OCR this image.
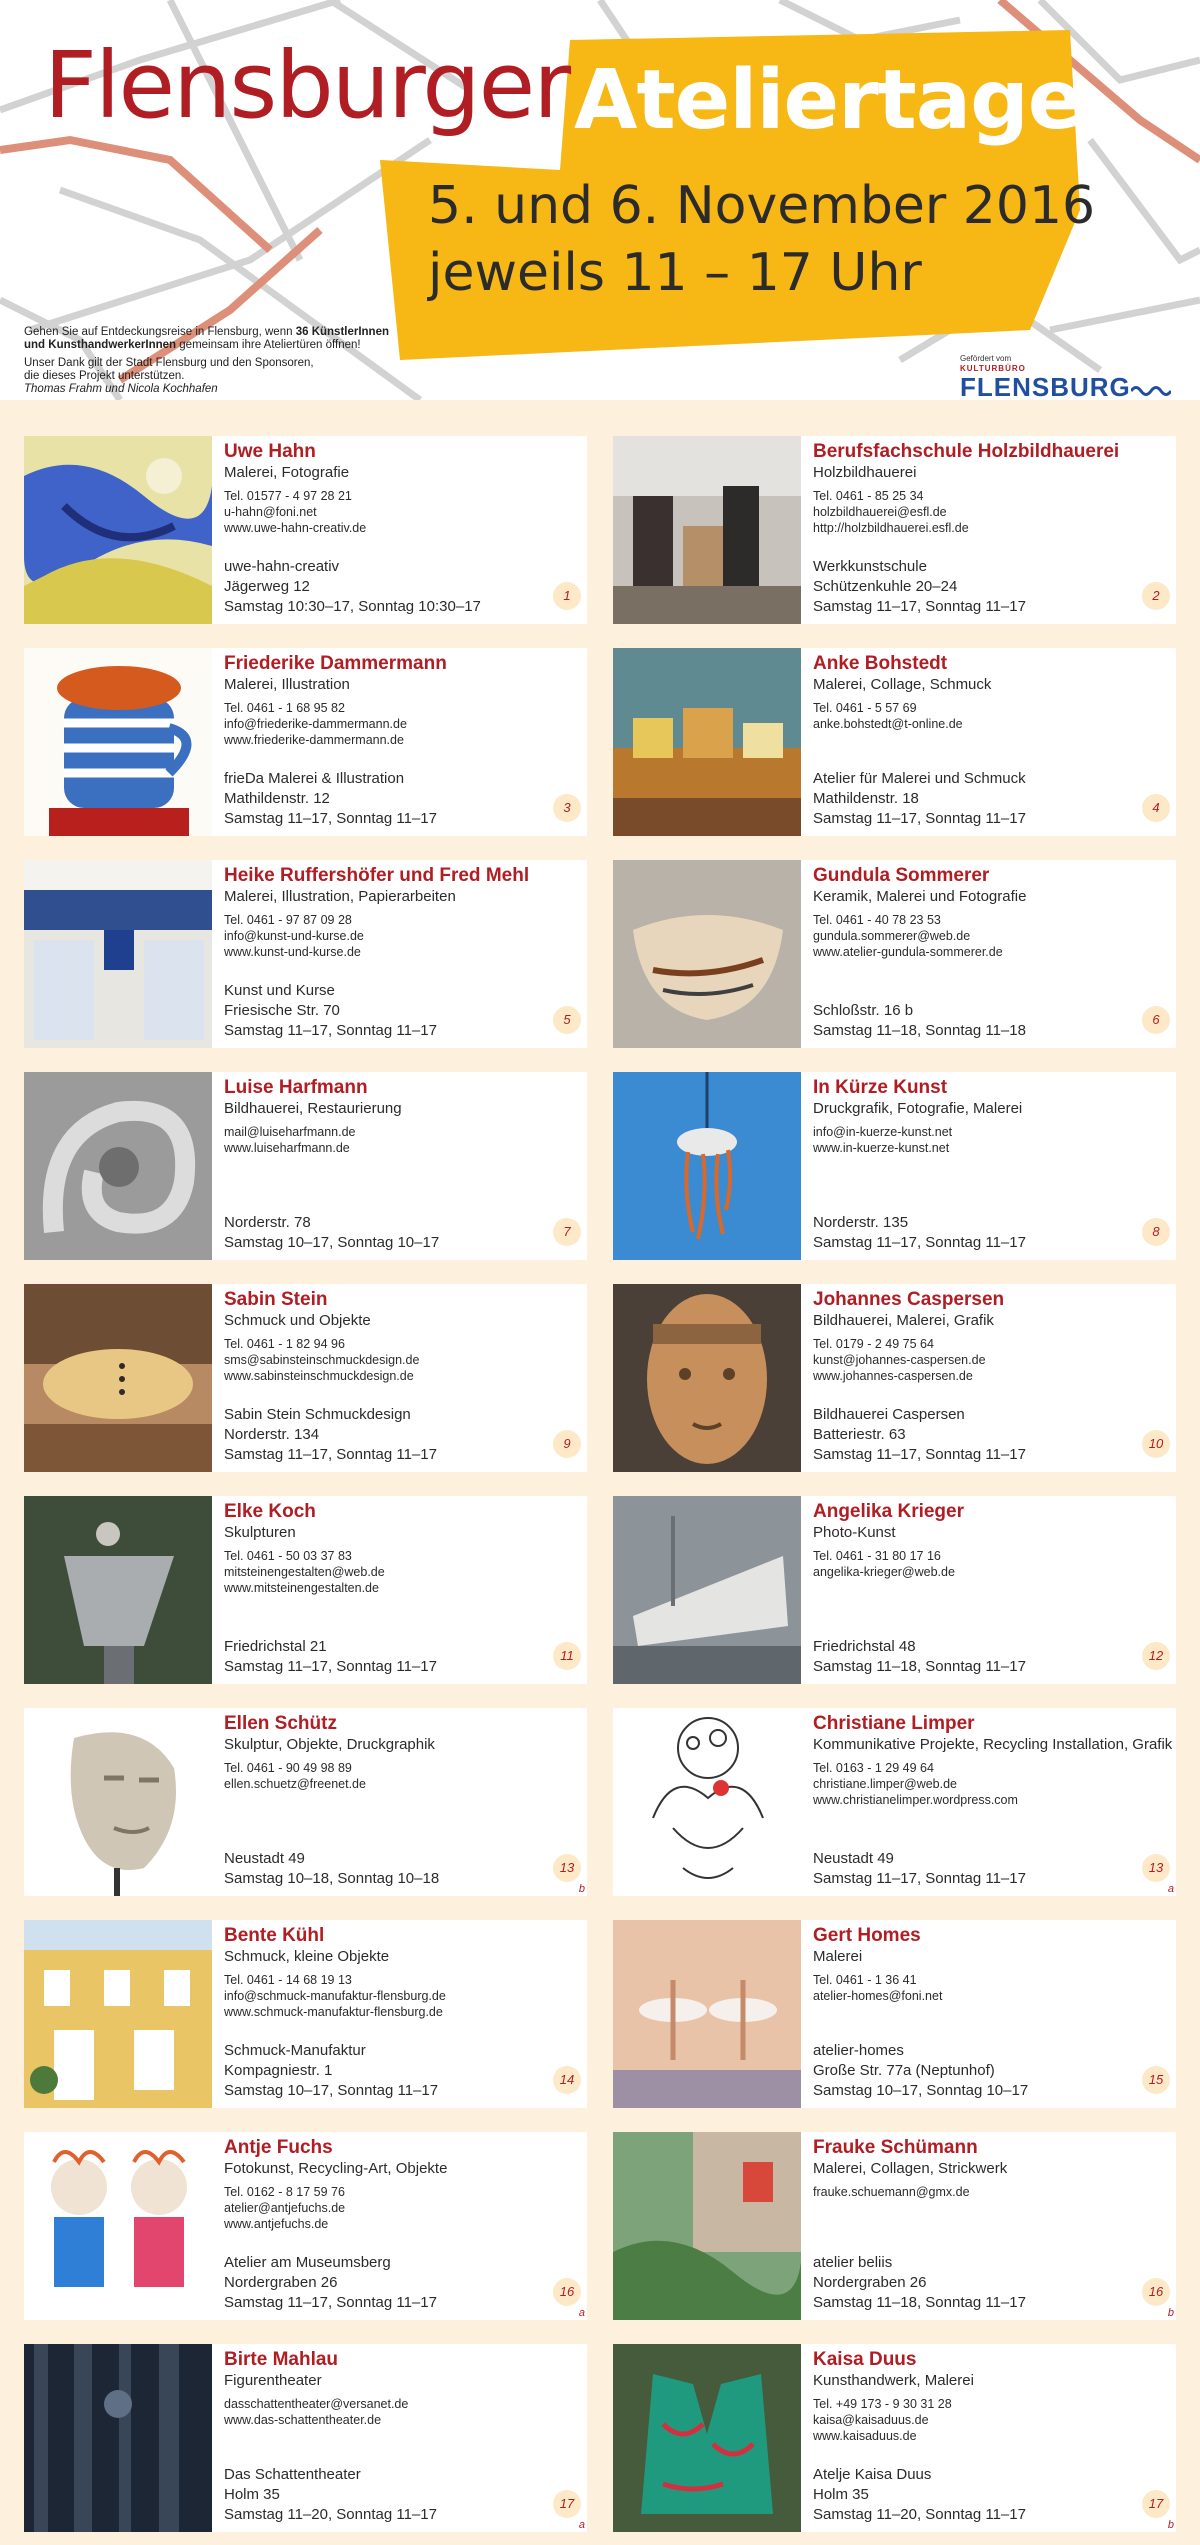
Flensburger Ateliertage
5. und 6. November 2016
jeweils 11 – 17 Uhr

Gehen Sie auf Entdeckungsreise in Flensburg, wenn 36 KünstlerInnen
und KunsthandwerkerInnen gemeinsam ihre Ateliertüren öffnen!

Unser Dank gilt der Stadt Flensburg und den Sponsoren,
die dieses Projekt unterstützen.
Thomas Frahm und Nicola Kochhafen

Gefördert vom
KULTURBÜRO
FLENSBURG
Uwe Hahn
Malerei, Fotografie
Tel. 01577 - 4 97 28 21
u-hahn@foni.net
www.uwe-hahn-creativ.de
uwe-hahn-creativ
Jägerweg 12
Samstag 10:30–17, Sonntag 10:30–17
1
Berufsfachschule Holzbildhauerei
Holzbildhauerei
Tel. 0461 - 85 25 34
holzbildhauerei@esfl.de
http://holzbildhauerei.esfl.de
Werkkunstschule
Schützenkuhle 20–24
Samstag 11–17, Sonntag 11–17
2
Friederike Dammermann
Malerei, Illustration
Tel. 0461 - 1 68 95 82
info@friederike-dammermann.de
www.friederike-dammermann.de
frieDa Malerei & Illustration
Mathildenstr. 12
Samstag 11–17, Sonntag 11–17
3
Anke Bohstedt
Malerei, Collage, Schmuck
Tel. 0461 - 5 57 69
anke.bohstedt@t-online.de
Atelier für Malerei und Schmuck
Mathildenstr. 18
Samstag 11–17, Sonntag 11–17
4
Heike Ruffershöfer und Fred Mehl
Malerei, Illustration, Papierarbeiten
Tel. 0461 - 97 87 09 28
info@kunst-und-kurse.de
www.kunst-und-kurse.de
Kunst und Kurse
Friesische Str. 70
Samstag 11–17, Sonntag 11–17
5
Gundula Sommerer
Keramik, Malerei und Fotografie
Tel. 0461 - 40 78 23 53
gundula.sommerer@web.de
www.atelier-gundula-sommerer.de
Schloßstr. 16 b
Samstag 11–18, Sonntag 11–18
6
Luise Harfmann
Bildhauerei, Restaurierung
mail@luiseharfmann.de
www.luiseharfmann.de
Norderstr. 78
Samstag 10–17, Sonntag 10–17
7
In Kürze Kunst
Druckgrafik, Fotografie, Malerei
info@in-kuerze-kunst.net
www.in-kuerze-kunst.net
Norderstr. 135
Samstag 11–17, Sonntag 11–17
8
Sabin Stein
Schmuck und Objekte
Tel. 0461 - 1 82 94 96
sms@sabinsteinschmuckdesign.de
www.sabinsteinschmuckdesign.de
Sabin Stein Schmuckdesign
Norderstr. 134
Samstag 11–17, Sonntag 11–17
9
Johannes Caspersen
Bildhauerei, Malerei, Grafik
Tel. 0179 - 2 49 75 64
kunst@johannes-caspersen.de
www.johannes-caspersen.de
Bildhauerei Caspersen
Batteriestr. 63
Samstag 11–17, Sonntag 11–17
10
Elke Koch
Skulpturen
Tel. 0461 - 50 03 37 83
mitsteinengestalten@web.de
www.mitsteinengestalten.de
Friedrichstal 21
Samstag 11–17, Sonntag 11–17
11
Angelika Krieger
Photo-Kunst
Tel. 0461 - 31 80 17 16
angelika-krieger@web.de
Friedrichstal 48
Samstag 11–18, Sonntag 11–17
12
Ellen Schütz
Skulptur, Objekte, Druckgraphik
Tel. 0461 - 90 49 98 89
ellen.schuetz@freenet.de
Neustadt 49
Samstag 10–18, Sonntag 10–18
13
b
Christiane Limper
Kommunikative Projekte, Recycling Installation, Grafik
Tel. 0163 - 1 29 49 64
christiane.limper@web.de
www.christianelimper.wordpress.com
Neustadt 49
Samstag 11–17, Sonntag 11–17
13
a
Bente Kühl
Schmuck, kleine Objekte
Tel. 0461 - 14 68 19 13
info@schmuck-manufaktur-flensburg.de
www.schmuck-manufaktur-flensburg.de
Schmuck-Manufaktur
Kompagniestr. 1
Samstag 10–17, Sonntag 11–17
14
Gert Homes
Malerei
Tel. 0461 - 1 36 41
atelier-homes@foni.net
atelier-homes
Große Str. 77a (Neptunhof)
Samstag 10–17, Sonntag 10–17
15
Antje Fuchs
Fotokunst, Recycling-Art, Objekte
Tel. 0162 - 8 17 59 76
atelier@antjefuchs.de
www.antjefuchs.de
Atelier am Museumsberg
Nordergraben 26
Samstag 11–17, Sonntag 11–17
16
a
Frauke Schümann
Malerei, Collagen, Strickwerk
frauke.schuemann@gmx.de
atelier beliis
Nordergraben 26
Samstag 11–18, Sonntag 11–17
16
b
Birte Mahlau
Figurentheater
dasschattentheater@versanet.de
www.das-schattentheater.de
Das Schattentheater
Holm 35
Samstag 11–20, Sonntag 11–17
17
a
Kaisa Duus
Kunsthandwerk, Malerei
Tel. +49 173 - 9 30 31 28
kaisa@kaisaduus.de
www.kaisaduus.de
Atelje Kaisa Duus
Holm 35
Samstag 11–20, Sonntag 11–17
17
b
